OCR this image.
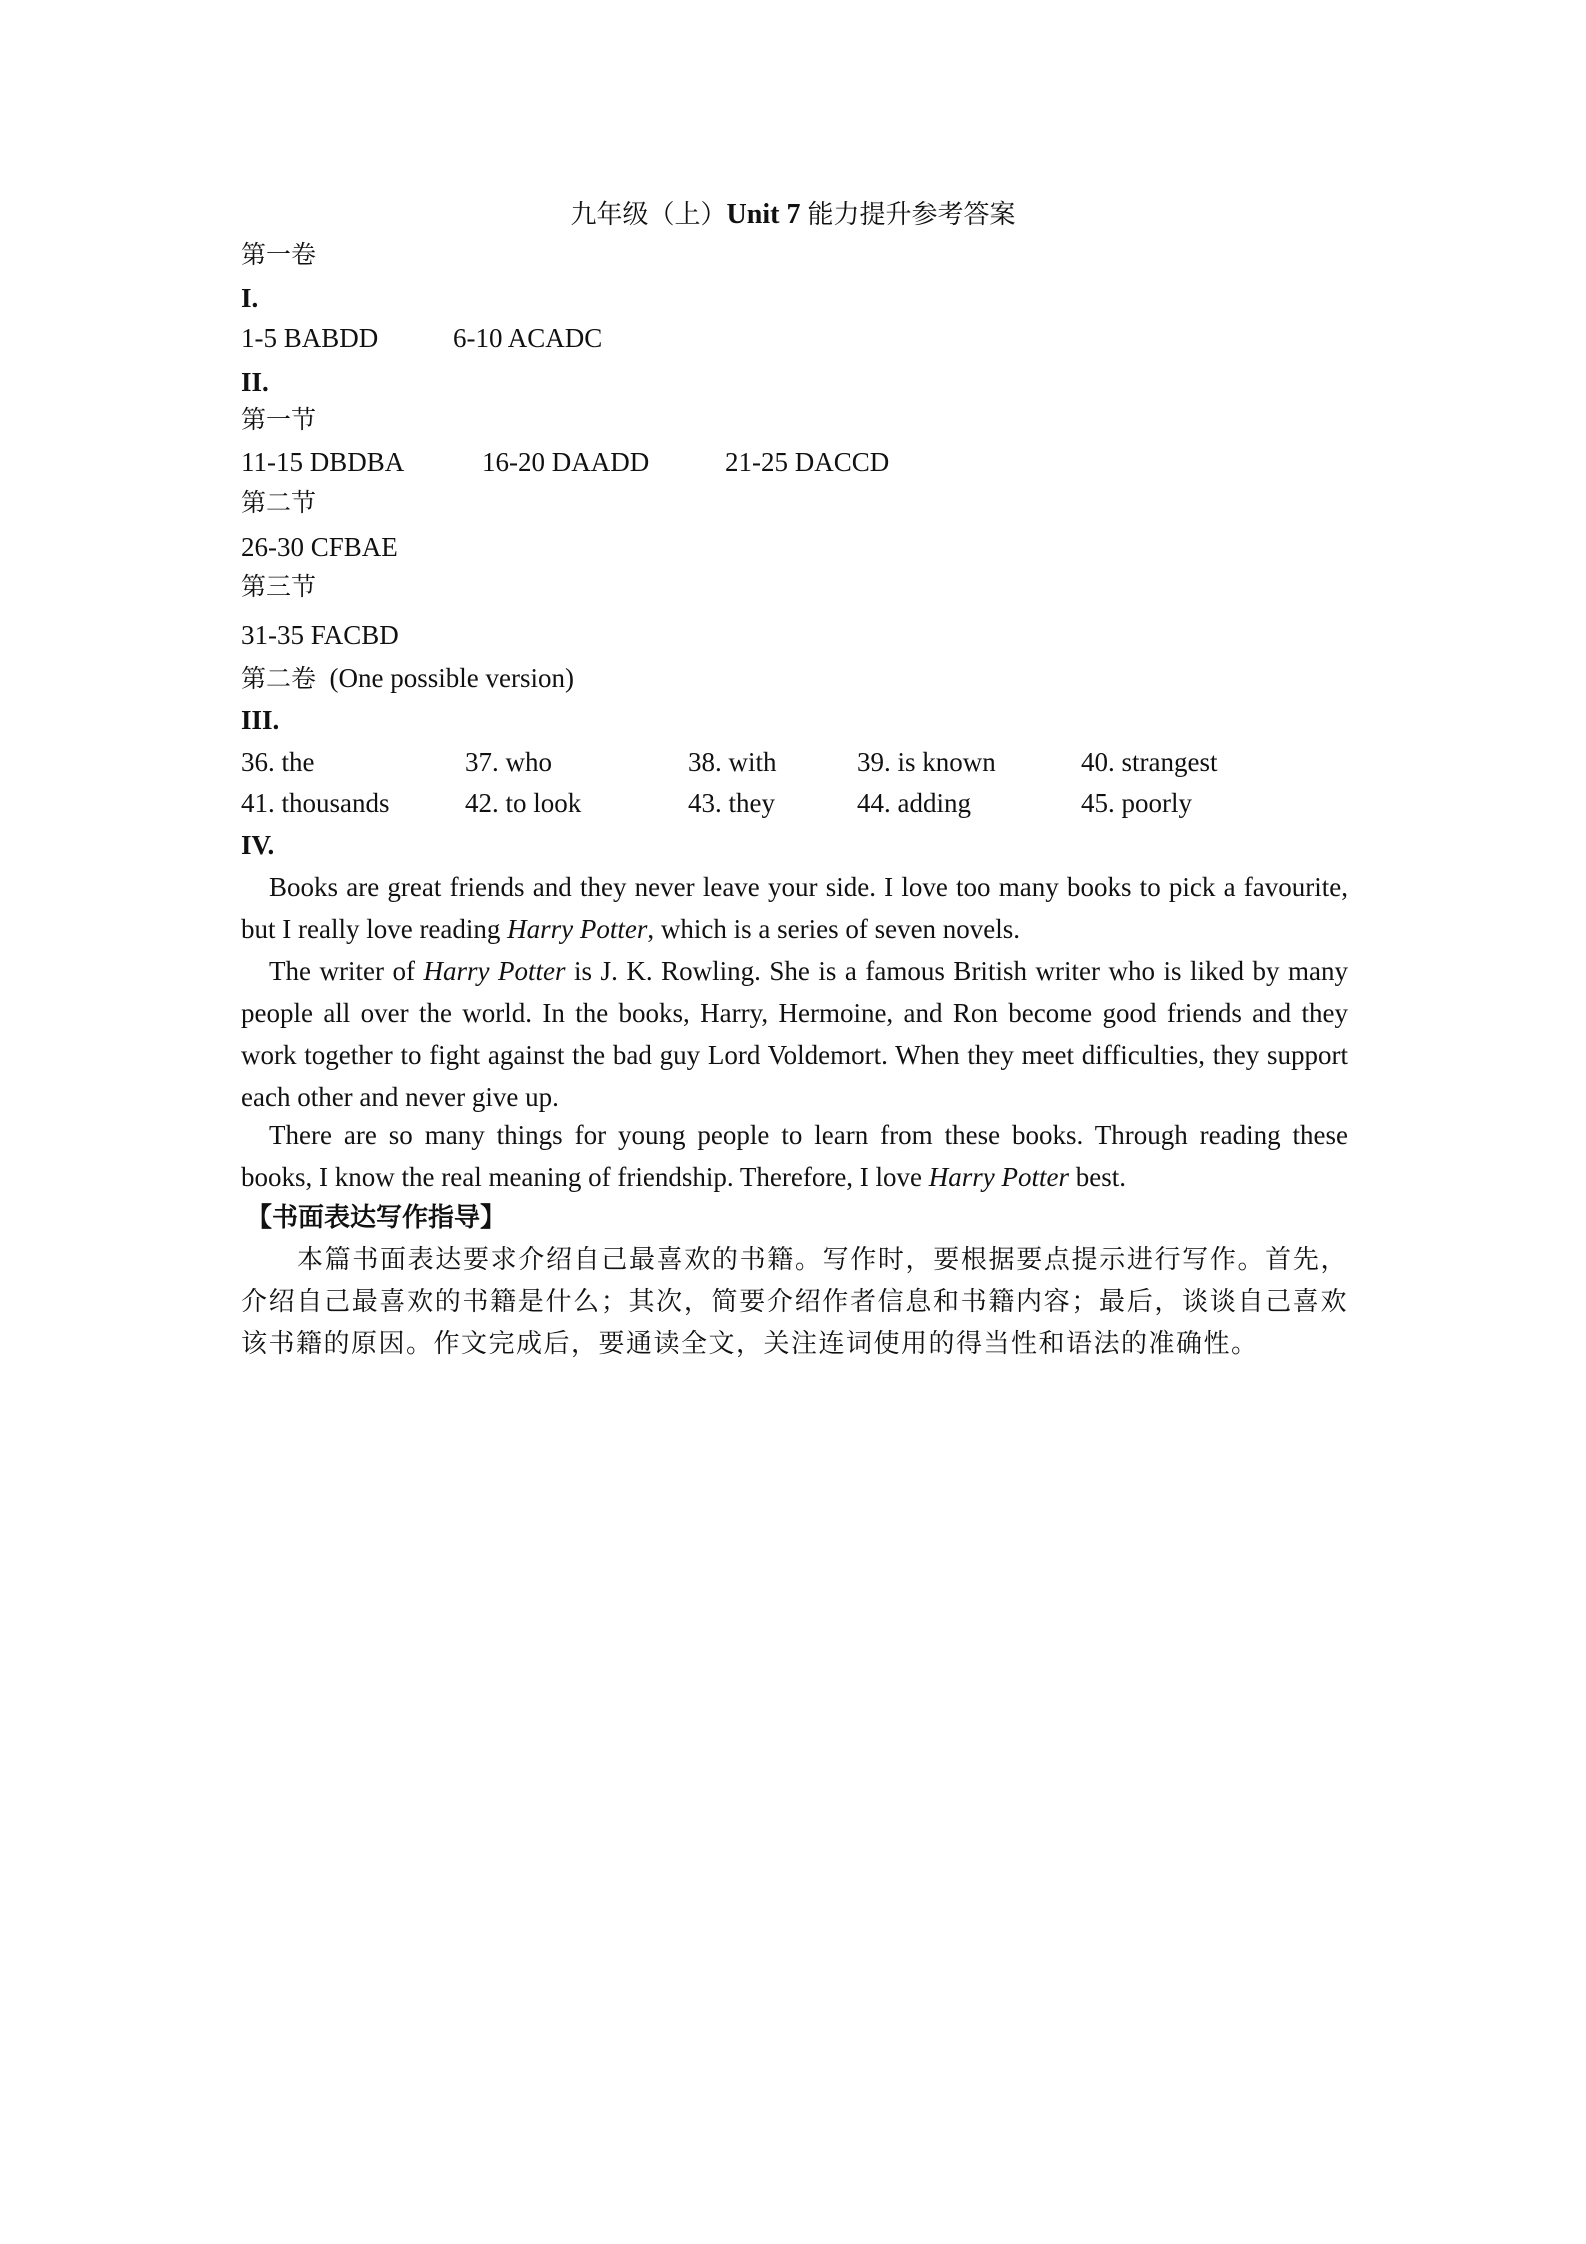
九年级（上）Unit 7 能力提升参考答案
第一卷
I.
1-5 BABDD	6-10 ACADC
II.
第一节
11-15 DBDBA	16-20 DAADD	21-25 DACCD
第二节
26-30 CFBAE
第三节
31-35 FACBD
第二卷 (One possible version)
III.
36. the	37. who	38. with	39. is known	40. strangest
41. thousands	42. to look	43. they	44. adding	45. poorly
IV.

Books are great friends and they never leave your side. I love too many books to pick a favourite, but I really love reading Harry Potter, which is a series of seven novels.

The writer of Harry Potter is J. K. Rowling. She is a famous British writer who is liked by many people all over the world. In the books, Harry, Hermoine, and Ron become good friends and they work together to fight against the bad guy Lord Voldemort. When they meet difficulties, they support each other and never give up.

There are so many things for young people to learn from these books. Through reading these books, I know the real meaning of friendship. Therefore, I love Harry Potter best.

【书面表达写作指导】

本篇书面表达要求介绍自己最喜欢的书籍。写作时，要根据要点提示进行写作。首先，介绍自己最喜欢的书籍是什么；其次，简要介绍作者信息和书籍内容；最后，谈谈自己喜欢该书籍的原因。作文完成后，要通读全文，关注连词使用的得当性和语法的准确性。
